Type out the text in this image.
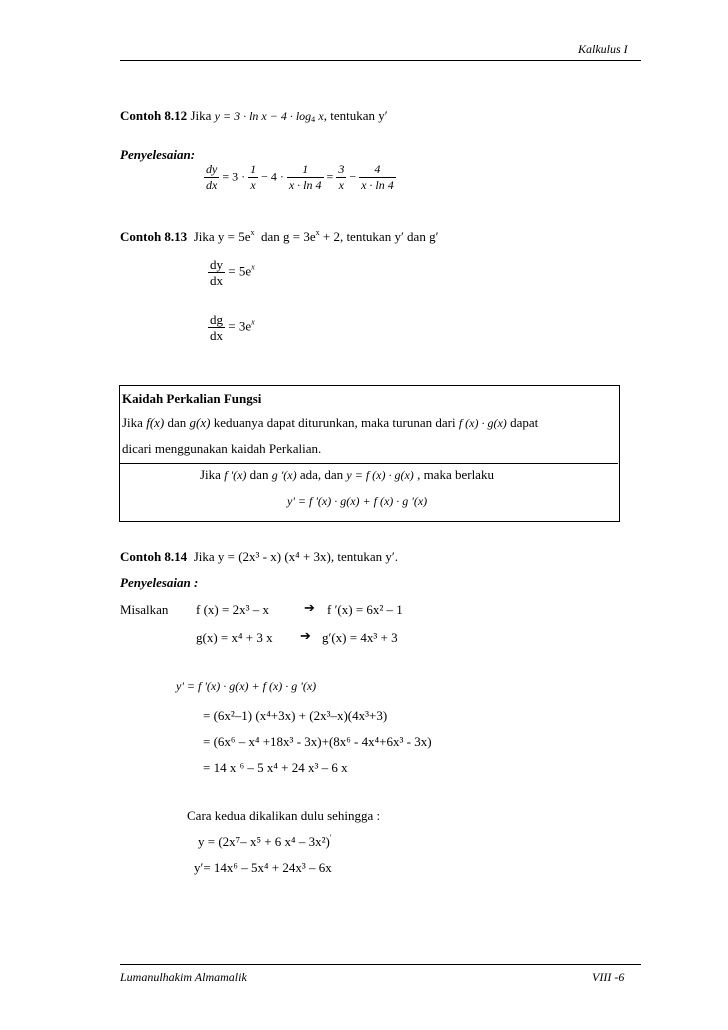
Kalkulus I
Contoh 8.12 Jika $y = 3 \cdot \ln x - 4 \cdot \log_4 x$, tentukan y′
Penyelesaian:
$\frac{dy}{dx} = 3 \cdot \frac{1}{x} - 4 \cdot \frac{1}{x \cdot \ln 4} = \frac{3}{x} - \frac{4}{x \cdot \ln 4}$
Contoh 8.13 Jika $y = 5e^x$ dan $g = 3e^x + 2$, tentukan y′ dan g′
$\frac{dy}{dx} = 5e^x$
$\frac{dg}{dx} = 3e^x$
Kaidah Perkalian Fungsi
Jika f(x) dan g(x) keduanya dapat diturunkan, maka turunan dari f (x) · g(x) dapat
dicari menggunakan kaidah Perkalian.
Jika f '(x) dan g '(x) ada, dan y = f (x) · g(x) , maka berlaku
y' = f '(x) · g(x) + f (x) · g '(x)
Contoh 8.14 Jika y = (2x³ - x) (x⁴ + 3x), tentukan y′.
Penyelesaian :
Misalkan f (x) = 2x³ – x	➔ f ′(x) = 6x² – 1
g(x) = x⁴ + 3 x ➔ g′(x) = 4x³ + 3
y' = f '(x) · g(x) + f (x) · g '(x)
= (6x²–1) (x⁴+3x) + (2x³–x)(4x³+3)
= (6x⁶ – x⁴ +18x³ - 3x)+(8x⁶ - 4x⁴+6x³ - 3x)
= 14 x ⁶ – 5 x⁴ + 24 x³ – 6 x
Cara kedua dikalikan dulu sehingga :
y = (2x⁷– x⁵ + 6 x⁴ – 3x²)'
y′= 14x⁶ – 5x⁴ + 24x³ – 6x
Lumanulhakim Almamalik	VIII -6
